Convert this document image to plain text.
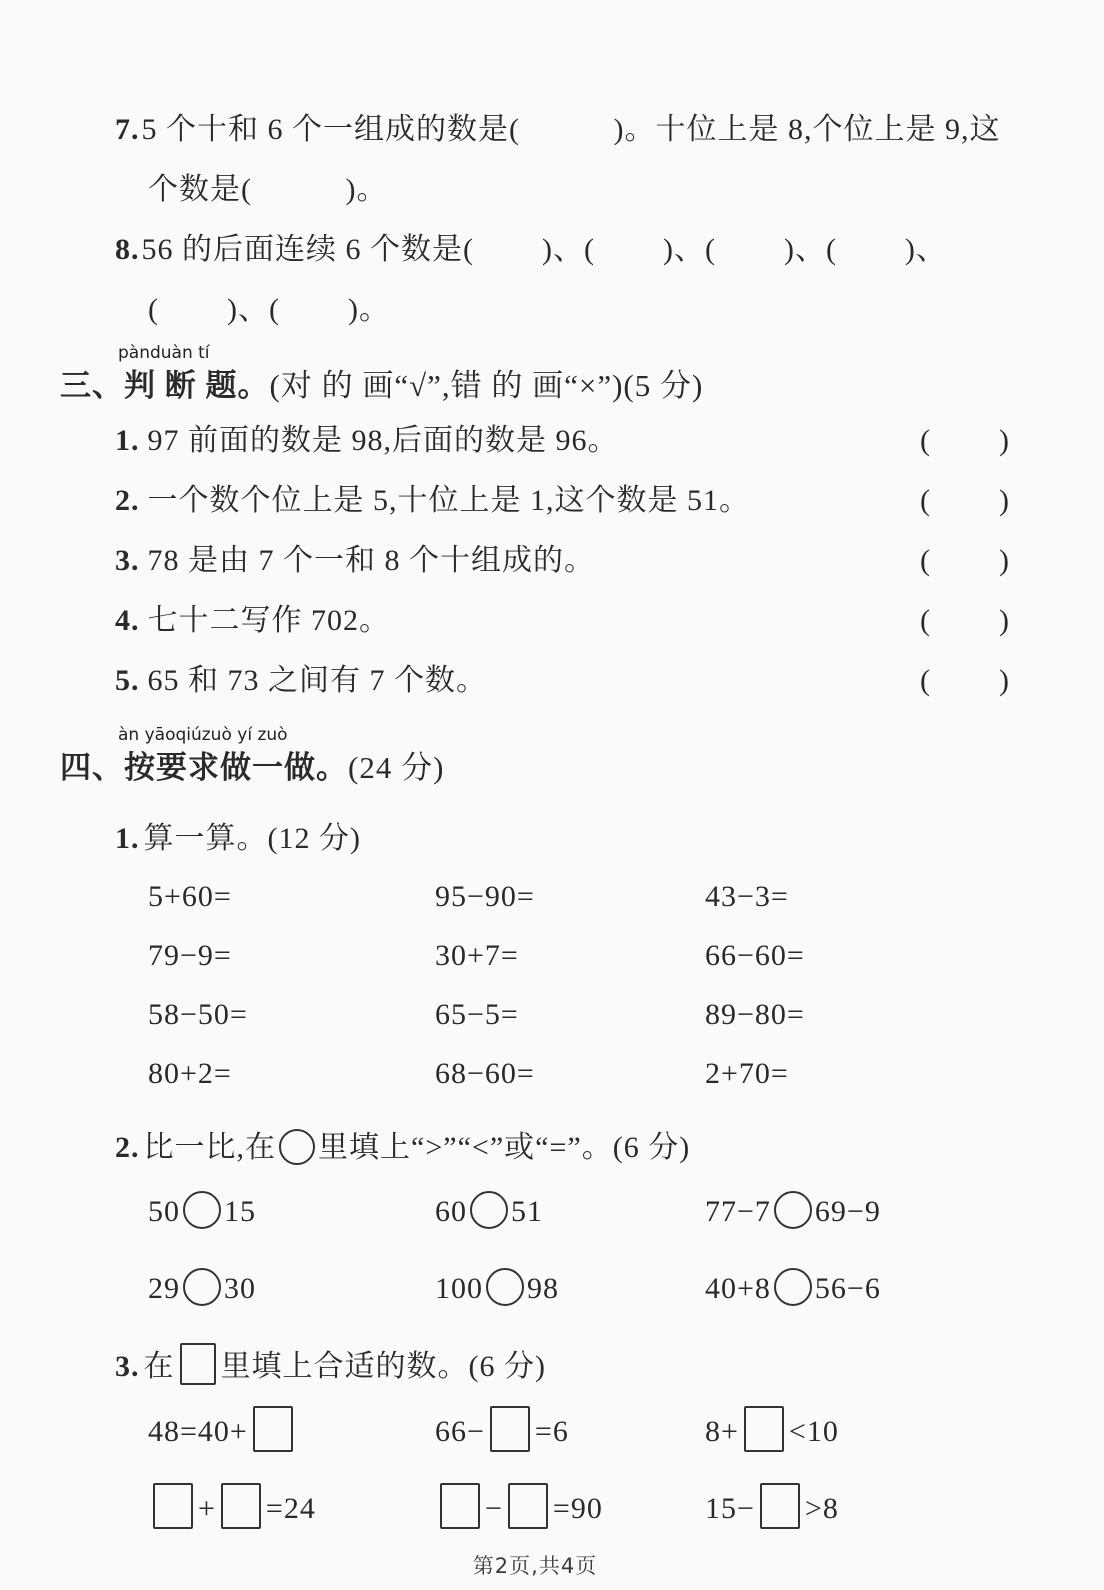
7.5 个十和 6 个一组成的数是(           )。十位上是 8,个位上是 9,这
个数是(           )。
8.56 的后面连续 6 个数是(        )、(        )、(        )、(        )、
(        )、(        )。
pànduàn tí
三、判 断 题。(对 的 画“√”,错 的 画“×”)(5 分)
1. 97 前面的数是 98,后面的数是 96。	(        )
2. 一个数个位上是 5,十位上是 1,这个数是 51。	(        )
3. 78 是由 7 个一和 8 个十组成的。	(        )
4. 七十二写作 702。	(        )
5. 65 和 73 之间有 7 个数。	(        )
àn yāoqiúzuò yí zuò
四、按要求做一做。(24 分)
1. 算一算。(12 分)
5+60=	95−90=	43−3=
79−9=	30+7=	66−60=
58−50=	65−5=	89−80=
80+2=	68−60=	2+70=
2. 比一比,在 里填上“>”“<”或“=”。(6 分)
50 15	60 51	77−7 69−9
29 30	100 98	40+8 56−6
3. 在 里填上合适的数。(6 分)
48=40+	66− =6	8+ <10
+ =24	− =90	15− >8
第2页,共4页
